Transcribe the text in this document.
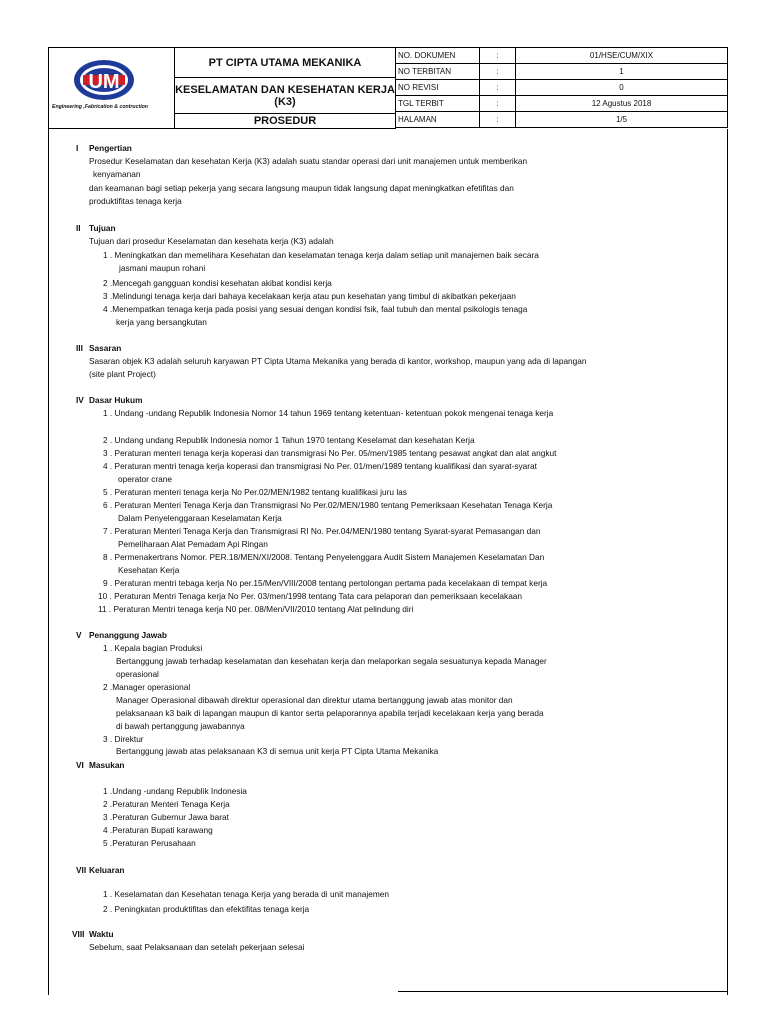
PT CIPTA UTAMA MEKANIKA
KESELAMATAN DAN KESEHATAN KERJA
(K3)
PROSEDUR
NO. DOKUMEN	:	01/HSE/CUM/XIX
NO TERBITAN	:	1
NO REVISI	:	0
TGL TERBIT	:	12 Agustus 2018
HALAMAN	:	1/5
UM
Engineering ,Fabrication & contruction
I Pengertian
Prosedur Keselamatan dan kesehatan Kerja (K3) adalah suatu standar operasi dari unit manajemen untuk memberikan
kenyamanan
dan keamanan bagi setiap pekerja yang secara langsung maupun tidak langsung dapat meningkatkan efetifitas dan
produktifitas tenaga kerja
II Tujuan
Tujuan dari prosedur Keselamatan dan kesehata kerja (K3) adalah
1 . Meningkatkan dan memelihara Kesehatan dan keselamatan tenaga kerja dalam setiap unit manajemen baik secara
jasmani maupun rohani
2 .Mencegah gangguan kondisi kesehatan akibat kondisi kerja
3 .Melindungi tenaga kerja dari bahaya kecelakaan kerja atau pun kesehatan yang timbul di akibatkan pekerjaan
4 .Menempatkan tenaga kerja pada posisi yang sesuai dengan kondisi fsik, faal tubuh dan mental psikologis tenaga
kerja yang bersangkutan
III Sasaran
Sasaran objek K3 adalah seluruh karyawan PT Cipta Utama Mekanika yang berada di kantor, workshop, maupun yang ada di lapangan
(site plant Project)
IV Dasar Hukum
1 . Undang -undang Republik Indonesia Nomor 14 tahun 1969 tentang ketentuan- ketentuan pokok mengenai tenaga kerja
2 . Undang undang Republik Indonesia nomor 1 Tahun 1970 tentang Keselamat dan kesehatan Kerja
3 . Peraturan menteri tenaga kerja koperasi dan transmigrasi No Per. 05/men/1985 tentang pesawat angkat dan alat angkut
4 . Peraturan mentri tenaga kerja koperasi dan transmigrasi No Per. 01/men/1989 tentang kualifikasi dan syarat-syarat
operator crane
5 . Peraturan menteri tenaga kerja No Per.02/MEN/1982 tentang kualifikasi juru las
6 . Peraturan Menteri Tenaga Kerja dan Transmigrasi No Per.02/MEN/1980 tentang Pemeriksaan Kesehatan Tenaga Kerja
Dalam Penyelenggaraan Keselamatan Kerja
7 . Peraturan Menteri Tenaga Kerja dan Transmigrasi RI No. Per.04/MEN/1980 tentang Syarat-syarat Pemasangan dan
Pemeliharaan Alat Pemadam Api Ringan
8 . Permenakertrans Nomor. PER.18/MEN/XI/2008. Tentang Penyelenggara Audit Sistem Manajemen Keselamatan Dan
Kesehatan Kerja
9 . Peraturan mentri tebaga kerja No per.15/Men/VIII/2008 tentang pertolongan pertama pada kecelakaan di tempat kerja
10 . Peraturan Mentri Tenaga kerja No Per. 03/men/1998 tentang Tata cara pelaporan dan pemeriksaan kecelakaan
11 . Peraturan Mentri tenaga kerja N0 per. 08/Men/VII/2010 tentang Alat pelindung diri
V Penanggung Jawab
1 . Kepala bagian Produksi
Bertanggung jawab terhadap keselamatan dan kesehatan kerja dan melaporkan segala sesuatunya kepada Manager
operasional
2 .Manager operasional
Manager Operasional dibawah direktur operasional dan direktur utama bertanggung jawab atas monitor dan
pelaksanaan k3 baik di lapangan maupun di kantor serta pelaporannya apabila terjadi kecelakaan kerja yang berada
di bawah pertanggung jawabannya
3 . Direktur
Bertanggung jawab atas pelaksanaan K3 di semua unit kerja PT Cipta Utama Mekanika
VI Masukan
1 .Undang -undang Republik Indonesia
2 .Peraturan Menteri Tenaga Kerja
3 .Peraturan Gubernur Jawa barat
4 .Peraturan Bupati karawang
5 .Peraturan Perusahaan
VII Keluaran
1 . Keselamatan dan Kesehatan tenaga Kerja yang berada di unit manajemen
2 . Peningkatan produktifitas dan efektifitas tenaga kerja
VIII Waktu
Sebelum, saat Pelaksanaan dan setelah pekerjaan selesai
